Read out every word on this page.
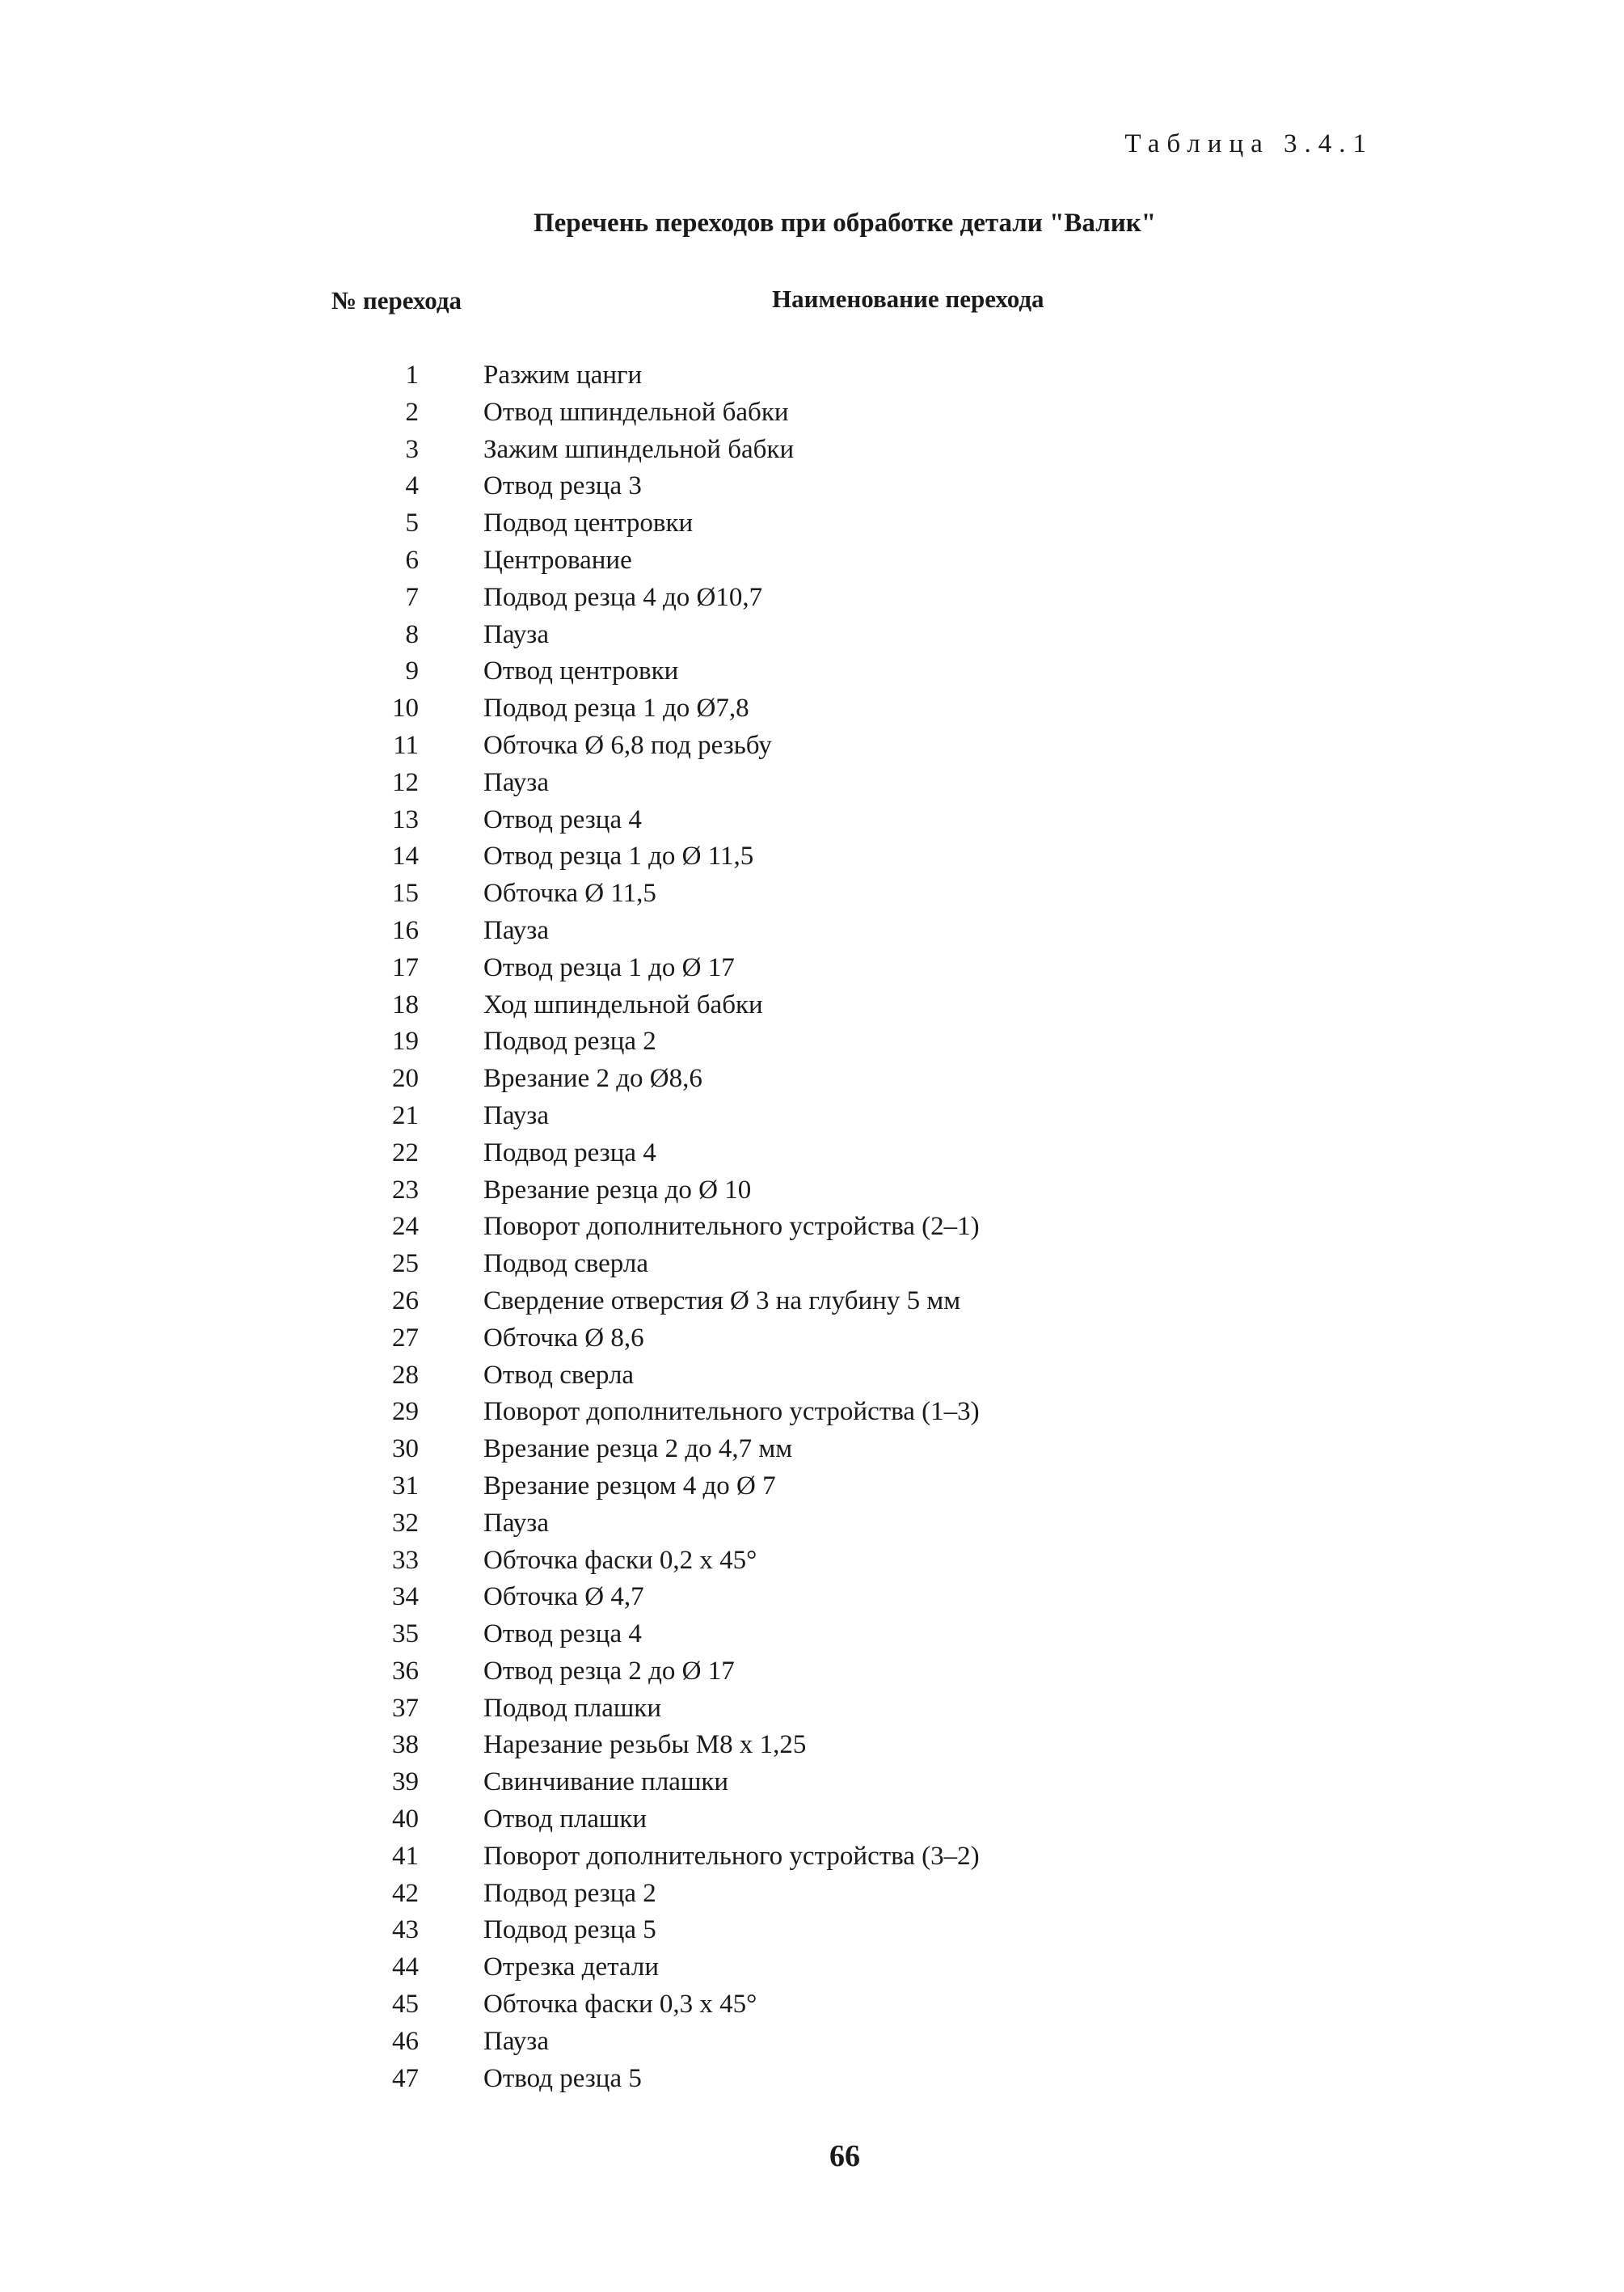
Таблица 3.4.1
Перечень переходов при обработке детали "Валик"
№ перехода	Наименование перехода
1 Разжим цанги
2 Отвод шпиндельной бабки
3 Зажим шпиндельной бабки
4 Отвод резца 3
5 Подвод центровки
6 Центрование
7 Подвод резца 4 до Ø10,7
8 Пауза
9 Отвод центровки
10 Подвод резца 1 до Ø7,8
11 Обточка Ø 6,8 под резьбу
12 Пауза
13 Отвод резца 4
14 Отвод резца 1 до Ø 11,5
15 Обточка Ø 11,5
16 Пауза
17 Отвод резца 1 до Ø 17
18 Ход шпиндельной бабки
19 Подвод резца 2
20 Врезание 2 до Ø8,6
21 Пауза
22 Подвод резца 4
23 Врезание резца до Ø 10
24 Поворот дополнительного устройства (2–1)
25 Подвод сверла
26 Свердение отверстия Ø 3 на глубину 5 мм
27 Обточка Ø 8,6
28 Отвод сверла
29 Поворот дополнительного устройства (1–3)
30 Врезание резца 2 до 4,7 мм
31 Врезание резцом 4 до Ø 7
32 Пауза
33 Обточка фаски 0,2 х 45°
34 Обточка Ø 4,7
35 Отвод резца 4
36 Отвод резца 2 до Ø 17
37 Подвод плашки
38 Нарезание резьбы М8 х 1,25
39 Свинчивание плашки
40 Отвод плашки
41 Поворот дополнительного устройства (3–2)
42 Подвод резца 2
43 Подвод резца 5
44 Отрезка детали
45 Обточка фаски 0,3 х 45°
46 Пауза
47 Отвод резца 5
66
